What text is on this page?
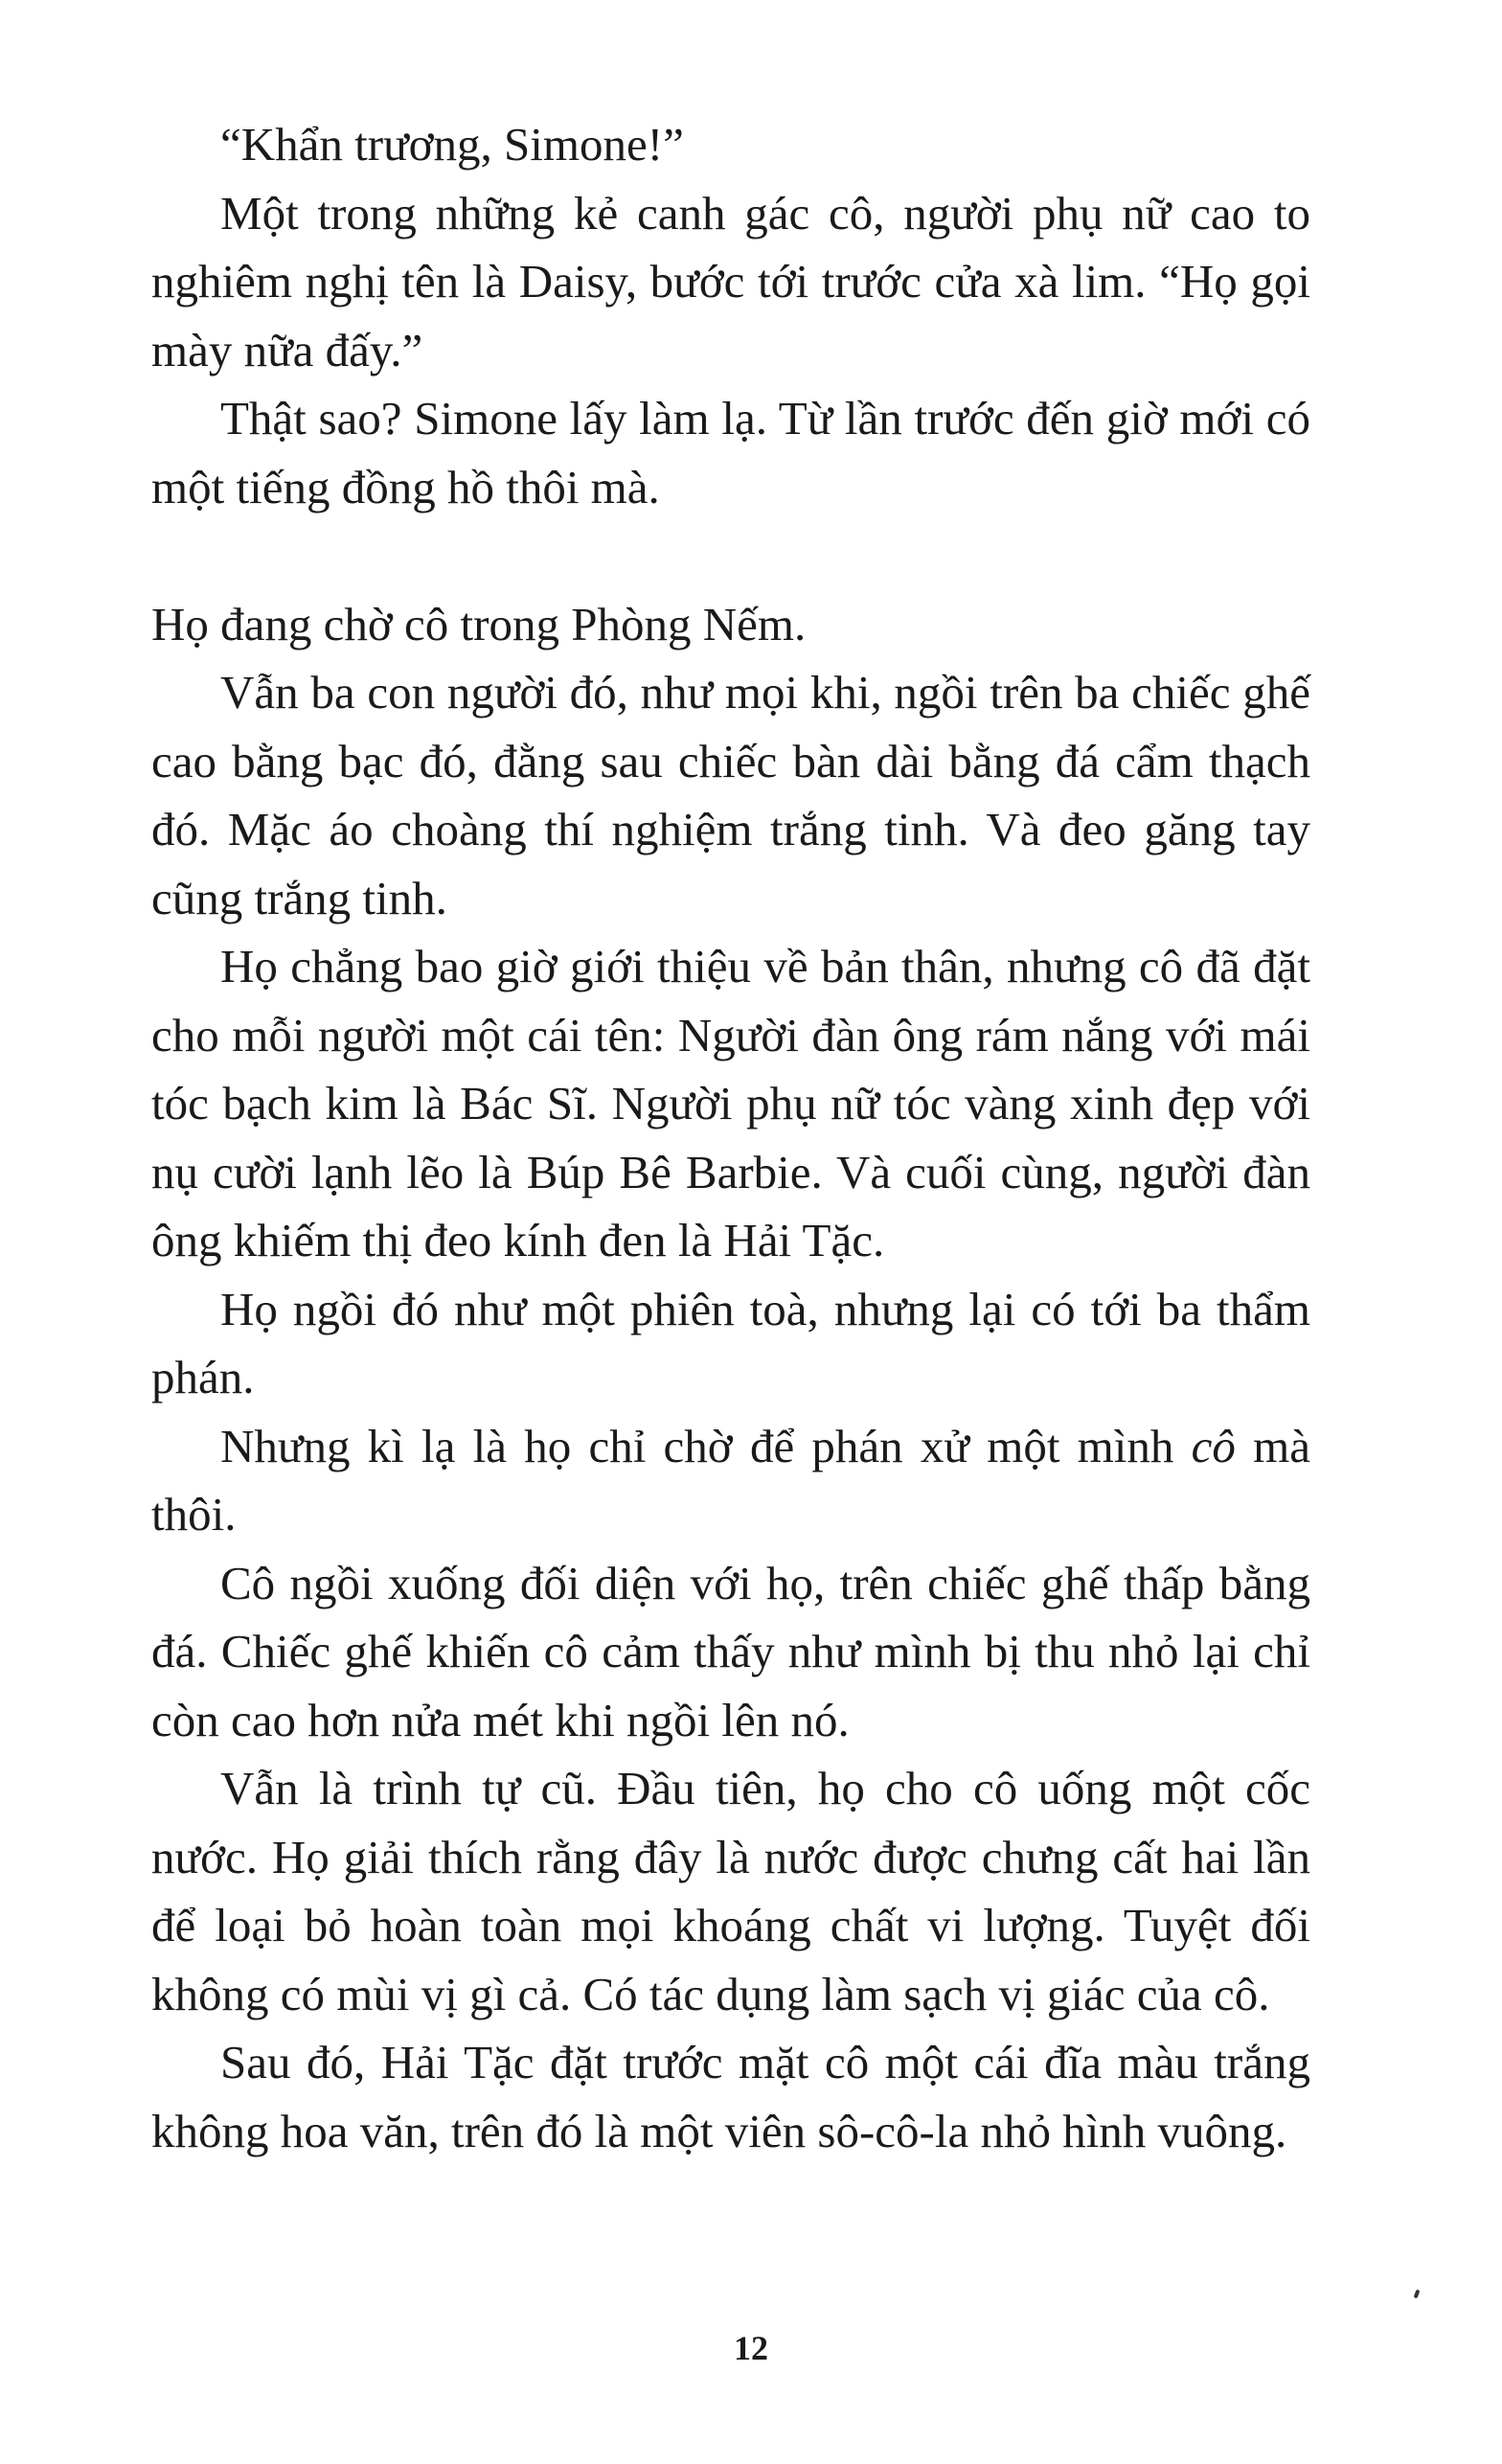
“Khẩn trương, Simone!”

Một trong những kẻ canh gác cô, người phụ nữ cao to nghiêm nghị tên là Daisy, bước tới trước cửa xà lim. “Họ gọi mày nữa đấy.”

Thật sao? Simone lấy làm lạ. Từ lần trước đến giờ mới có một tiếng đồng hồ thôi mà.

Họ đang chờ cô trong Phòng Nếm.

Vẫn ba con người đó, như mọi khi, ngồi trên ba chiếc ghế cao bằng bạc đó, đằng sau chiếc bàn dài bằng đá cẩm thạch đó. Mặc áo choàng thí nghiệm trắng tinh. Và đeo găng tay cũng trắng tinh.

Họ chẳng bao giờ giới thiệu về bản thân, nhưng cô đã đặt cho mỗi người một cái tên: Người đàn ông rám nắng với mái tóc bạch kim là Bác Sĩ. Người phụ nữ tóc vàng xinh đẹp với nụ cười lạnh lẽo là Búp Bê Barbie. Và cuối cùng, người đàn ông khiếm thị đeo kính đen là Hải Tặc.

Họ ngồi đó như một phiên toà, nhưng lại có tới ba thẩm phán.

Nhưng kì lạ là họ chỉ chờ để phán xử một mình cô mà thôi.

Cô ngồi xuống đối diện với họ, trên chiếc ghế thấp bằng đá. Chiếc ghế khiến cô cảm thấy như mình bị thu nhỏ lại chỉ còn cao hơn nửa mét khi ngồi lên nó.

Vẫn là trình tự cũ. Đầu tiên, họ cho cô uống một cốc nước. Họ giải thích rằng đây là nước được chưng cất hai lần để loại bỏ hoàn toàn mọi khoáng chất vi lượng. Tuyệt đối không có mùi vị gì cả. Có tác dụng làm sạch vị giác của cô.

Sau đó, Hải Tặc đặt trước mặt cô một cái đĩa màu trắng không hoa văn, trên đó là một viên sô-cô-la nhỏ hình vuông.

12
